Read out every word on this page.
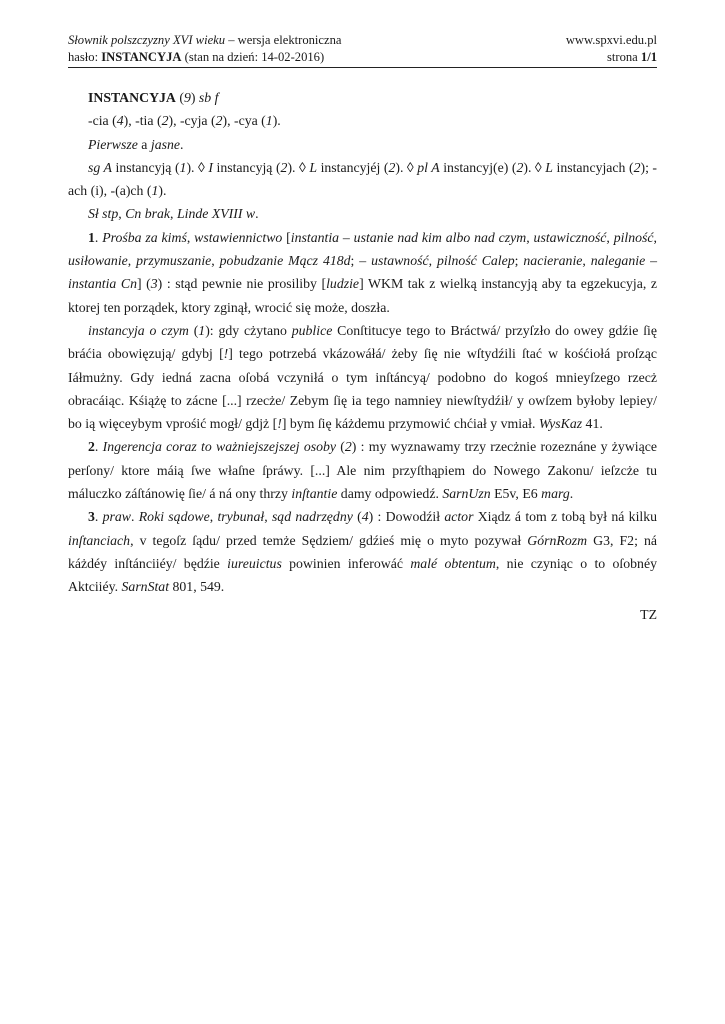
Słownik polszczyzny XVI wieku – wersja elektroniczna	www.spxvi.edu.pl
hasło: INSTANCYJA (stan na dzień: 14-02-2016)	strona 1/1

INSTANCYJA (9) sb f

-cia (4), -tia (2), -cyja (2), -cya (1).

Pierwsze a jasne.

sg A instancyją (1). ◊ I instancyją (2). ◊ L instancyjéj (2). ◊ pl A instancyj(e) (2). ◊ L instancyjach (2); -ach (i), -(a)ch (1).

Sł stp, Cn brak, Linde XVIII w.

1. Prośba za kimś, wstawiennictwo [instantia – ustanie nad kim albo nad czym, ustawiczność, pilność, usiłowanie, przymuszanie, pobudzanie Mącz 418d; – ustawność, pilność Calep; nacieranie, naleganie – instantia Cn] (3) : stąd pewnie nie prosiliby [ludzie] WKM tak z wielką instancyją aby ta egzekucyja, z ktorej ten porządek, ktory zginął, wrocić się może, doszła.

instancyja o czym (1): gdy cżytano publice Conſtitucye tego to Bráctwá/ przyſzło do owey gdźie ſię bráćia obowięzują/ gdybj [!] tego potrzebá vkázowáłá/ żeby ſię nie wſtydźili ſtać w kośćiołá proſząc Iáłmużny. Gdy iedná zacna oſobá vczyniłá o tym inſtáncyą/ podobno do kogoś mnieyſzego rzecż obracáiąc. Kśiążę to zácne [...] rzecże/ Zebym ſię ia tego namniey niewſtydźił/ y owſzem byłoby lepiey/ bo ią więceybym vprośić mogł/ gdjż [!] bym ſię káżdemu przymowić chćiał y vmiał. WysKaz 41.

2. Ingerencja coraz to ważniejszejszej osoby (2) : my wyznawamy trzy rzecżnie rozeznáne y żywiące perſony/ ktore máią ſwe właſne ſpráwy. [...] Ale nim przyſthąpiem do Nowego Zakonu/ ieſzcże tu máluczko záſtánowię ſie/ á ná ony thrzy inſtantie damy odpowiedź. SarnUzn E5v, E6 marg.

3. praw. Roki sądowe, trybunał, sąd nadrzędny (4) : Dowodźił actor Xiądz á tom z tobą był ná kilku inſtanciach, v tegoſz ſądu/ przed temże Sędziem/ gdźieś mię o myto pozywał GórnRozm G3, F2; ná káżdéy inſtánciiéy/ będźie iureuictus powinien inferowáć malé obtentum, nie czyniąc o to oſobnéy Aktciiéy. SarnStat 801, 549.

TZ
